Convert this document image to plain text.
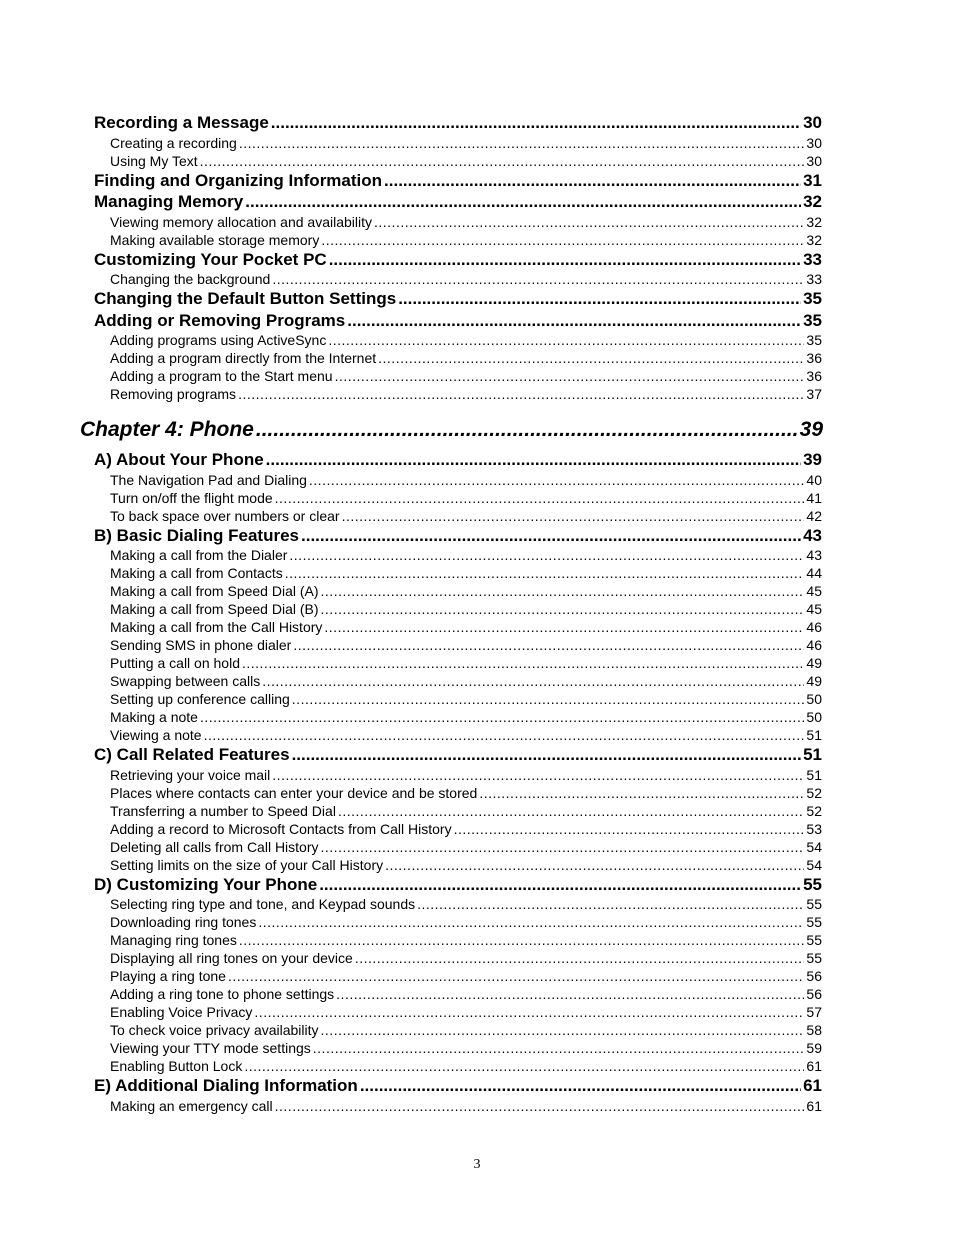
Recording a Message .....	30
Creating a recording .....	30
Using My Text .....	30
Finding and Organizing Information .....	31
Managing Memory .....	32
Viewing memory allocation and availability .....	32
Making available storage memory .....	32
Customizing Your Pocket PC .....	33
Changing the background .....	33
Changing the Default Button Settings .....	35
Adding or Removing Programs .....	35
Adding programs using ActiveSync .....	35
Adding a program directly from the Internet .....	36
Adding a program to the Start menu .....	36
Removing programs .....	37
Chapter 4: Phone .....	39
A) About Your Phone .....	39
The Navigation Pad and Dialing .....	40
Turn on/off the flight mode .....	41
To back space over numbers or clear .....	42
B) Basic Dialing Features .....	43
Making a call from the Dialer .....	43
Making a call from Contacts .....	44
Making a call from Speed Dial (A) .....	45
Making a call from Speed Dial (B) .....	45
Making a call from the Call History .....	46
Sending SMS in phone dialer .....	46
Putting a call on hold .....	49
Swapping between calls .....	49
Setting up conference calling .....	50
Making a note .....	50
Viewing a note .....	51
C) Call Related Features .....	51
Retrieving your voice mail .....	51
Places where contacts can enter your device and be stored .....	52
Transferring a number to Speed Dial .....	52
Adding a record to Microsoft Contacts from Call History .....	53
Deleting all calls from Call History .....	54
Setting limits on the size of your Call History .....	54
D) Customizing Your Phone .....	55
Selecting ring type and tone, and Keypad sounds .....	55
Downloading ring tones .....	55
Managing ring tones .....	55
Displaying all ring tones on your device .....	55
Playing a ring tone .....	56
Adding a ring tone to phone settings .....	56
Enabling Voice Privacy .....	57
To check voice privacy availability .....	58
Viewing your TTY mode settings .....	59
Enabling Button Lock .....	61
E) Additional Dialing Information .....	61
Making an emergency call .....	61
3
